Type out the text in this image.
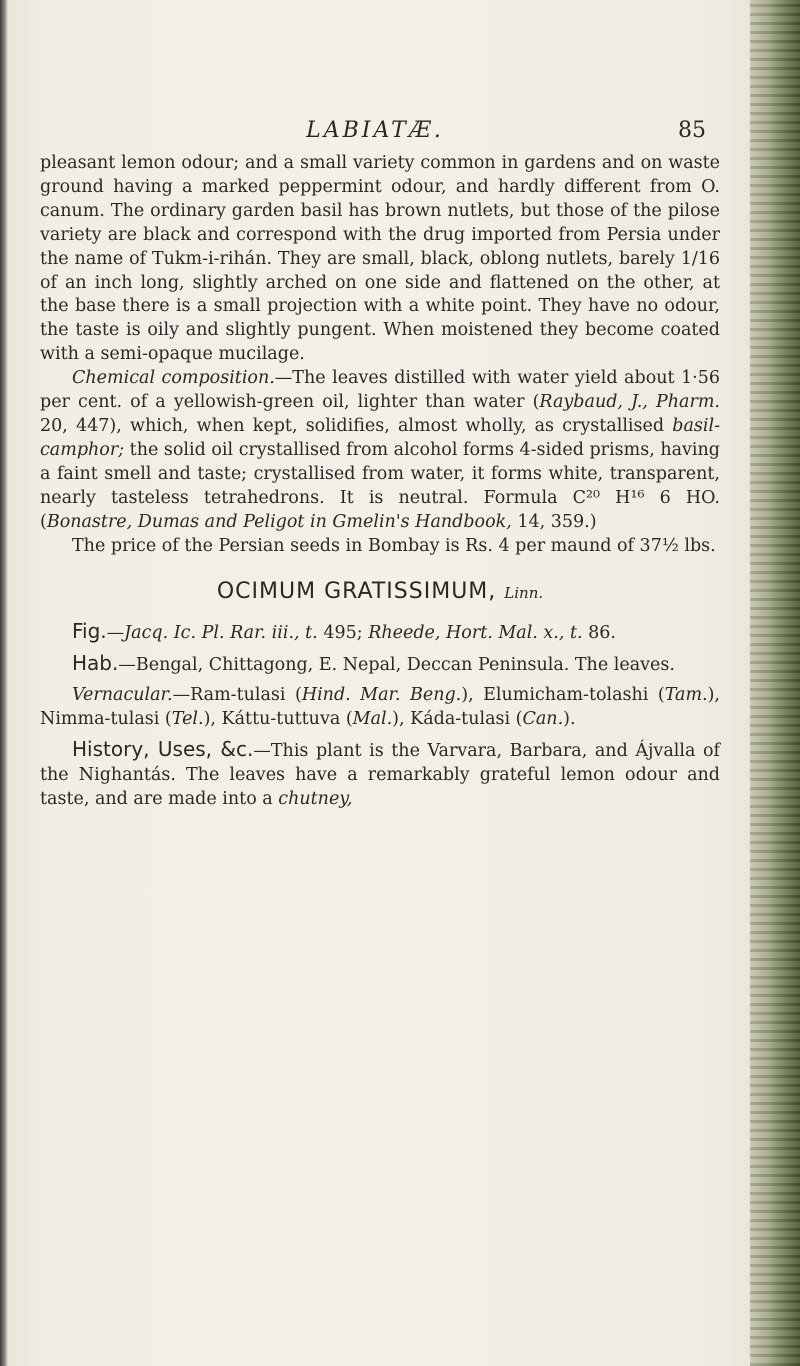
LABIATÆ.	85

pleasant lemon odour; and a small variety common in gardens and on waste ground having a marked peppermint odour, and hardly different from O. canum. The ordinary garden basil has brown nutlets, but those of the pilose variety are black and correspond with the drug imported from Persia under the name of Tukm-i-rihán. They are small, black, oblong nutlets, barely 1/16 of an inch long, slightly arched on one side and flattened on the other, at the base there is a small projection with a white point. They have no odour, the taste is oily and slightly pungent. When moistened they become coated with a semi-opaque mucilage.

Chemical composition.—The leaves distilled with water yield about 1·56 per cent. of a yellowish-green oil, lighter than water (Raybaud, J., Pharm. 20, 447), which, when kept, solidifies, almost wholly, as crystallised basil-camphor; the solid oil crystallised from alcohol forms 4-sided prisms, having a faint smell and taste; crystallised from water, it forms white, transparent, nearly tasteless tetrahedrons. It is neutral. Formula C²⁰ H¹⁶ 6 HO. (Bonastre, Dumas and Peligot in Gmelin's Handbook, 14, 359.)

The price of the Persian seeds in Bombay is Rs. 4 per maund of 37½ lbs.

OCIMUM GRATISSIMUM, Linn.

Fig.—Jacq. Ic. Pl. Rar. iii., t. 495; Rheede, Hort. Mal. x., t. 86.

Hab.—Bengal, Chittagong, E. Nepal, Deccan Peninsula. The leaves.

Vernacular.—Ram-tulasi (Hind. Mar. Beng.), Elumicham-tolashi (Tam.), Nimma-tulasi (Tel.), Káttu-tuttuva (Mal.), Káda-tulasi (Can.).

History, Uses, &c.—This plant is the Varvara, Barbara, and Ájvalla of the Nighantás. The leaves have a remarkably grateful lemon odour and taste, and are made into a chutney,
